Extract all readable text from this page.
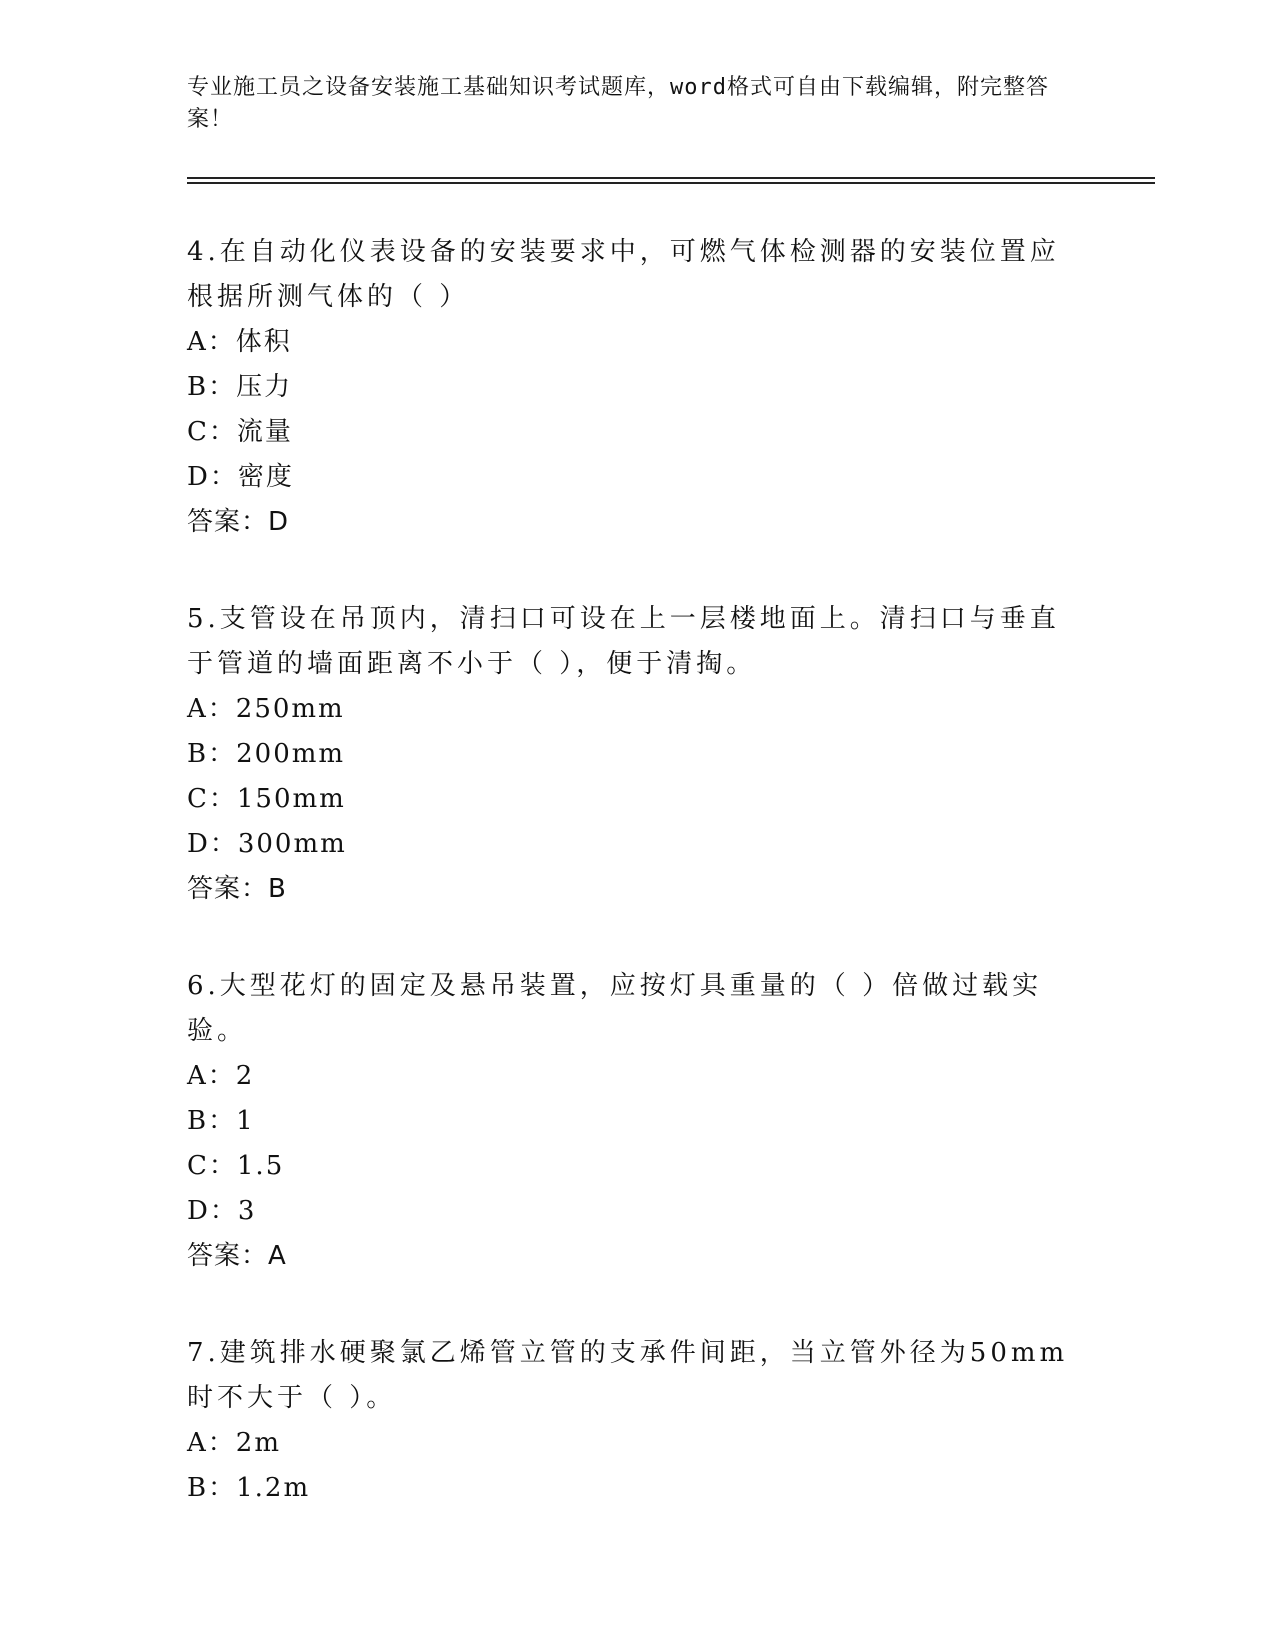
专业施工员之设备安装施工基础知识考试题库，word格式可自由下载编辑，附完整答案！

4.在自动化仪表设备的安装要求中，可燃气体检测器的安装位置应根据所测气体的（ ）

A：体积
B：压力
C：流量
D：密度
答案：D

5.支管设在吊顶内，清扫口可设在上一层楼地面上。清扫口与垂直于管道的墙面距离不小于（ ），便于清掏。

A：250mm
B：200mm
C：150mm
D：300mm
答案：B

6.大型花灯的固定及悬吊装置，应按灯具重量的（ ）倍做过载实验。

A：2
B：1
C：1.5
D：3
答案：A

7.建筑排水硬聚氯乙烯管立管的支承件间距，当立管外径为50mm时不大于（ ）。

A：2m
B：1.2m
